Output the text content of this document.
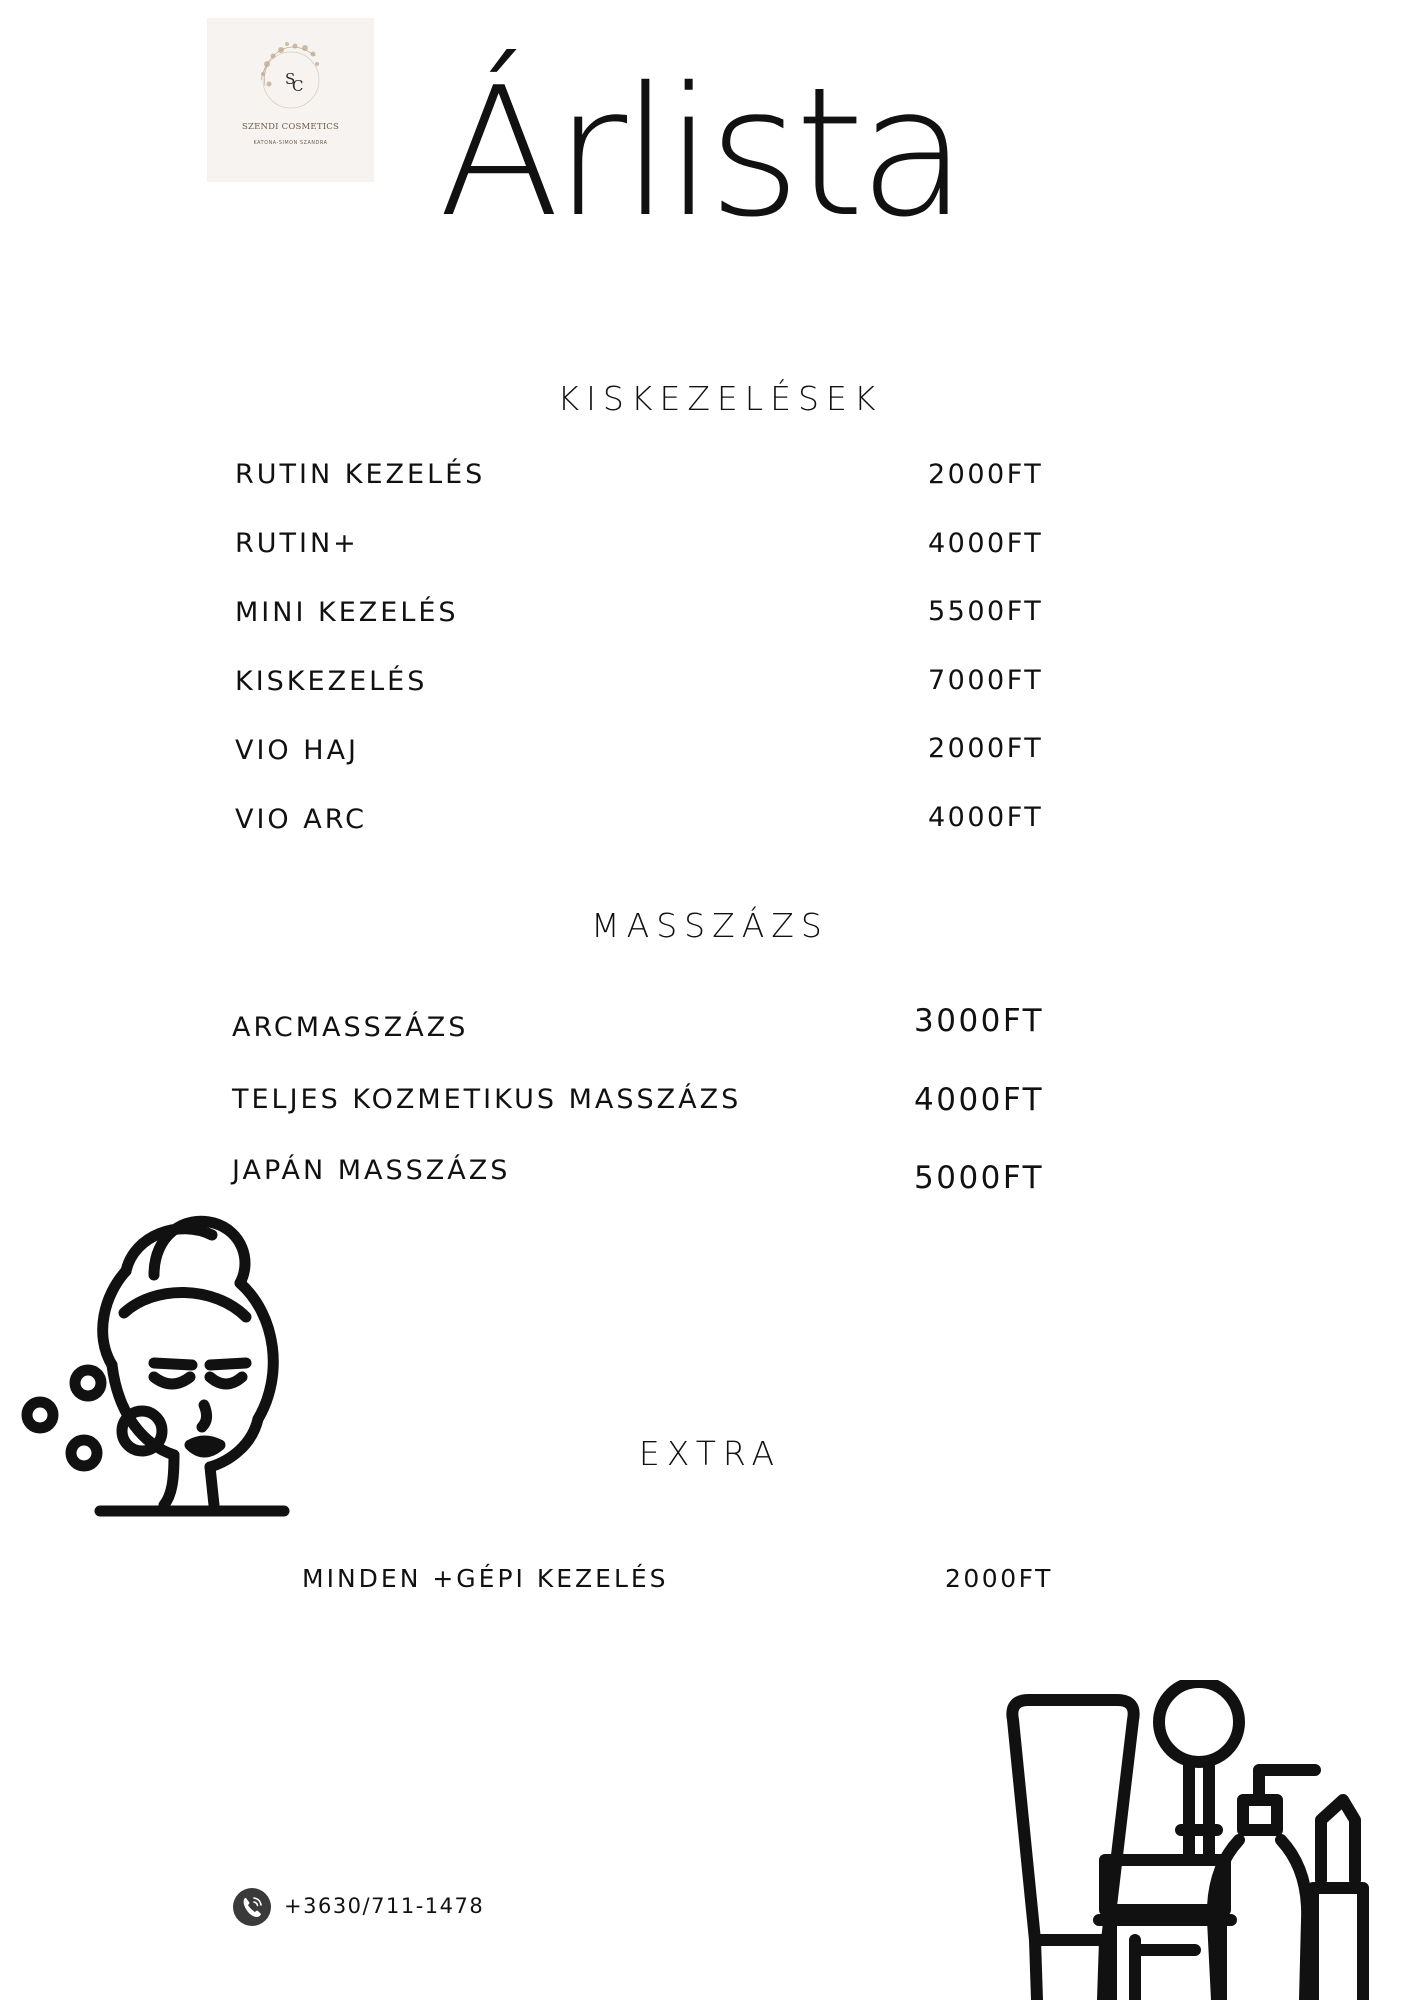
S
C
SZENDI COSMETICS
KATONA-SIMON SZANDRA Árlista
KISKEZELÉSEK
RUTIN KEZELÉS	2000FT
RUTIN+	4000FT
MINI KEZELÉS	5500FT
KISKEZELÉS	7000FT
VIO HAJ	2000FT
VIO ARC	4000FT
MASSZÁZS
ARCMASSZÁZS	3000FT
TELJES KOZMETIKUS MASSZÁZS	4000FT
JAPÁN MASSZÁZS	5000FT
EXTRA
MINDEN +GÉPI KEZELÉS	2000FT
+3630/711-1478
